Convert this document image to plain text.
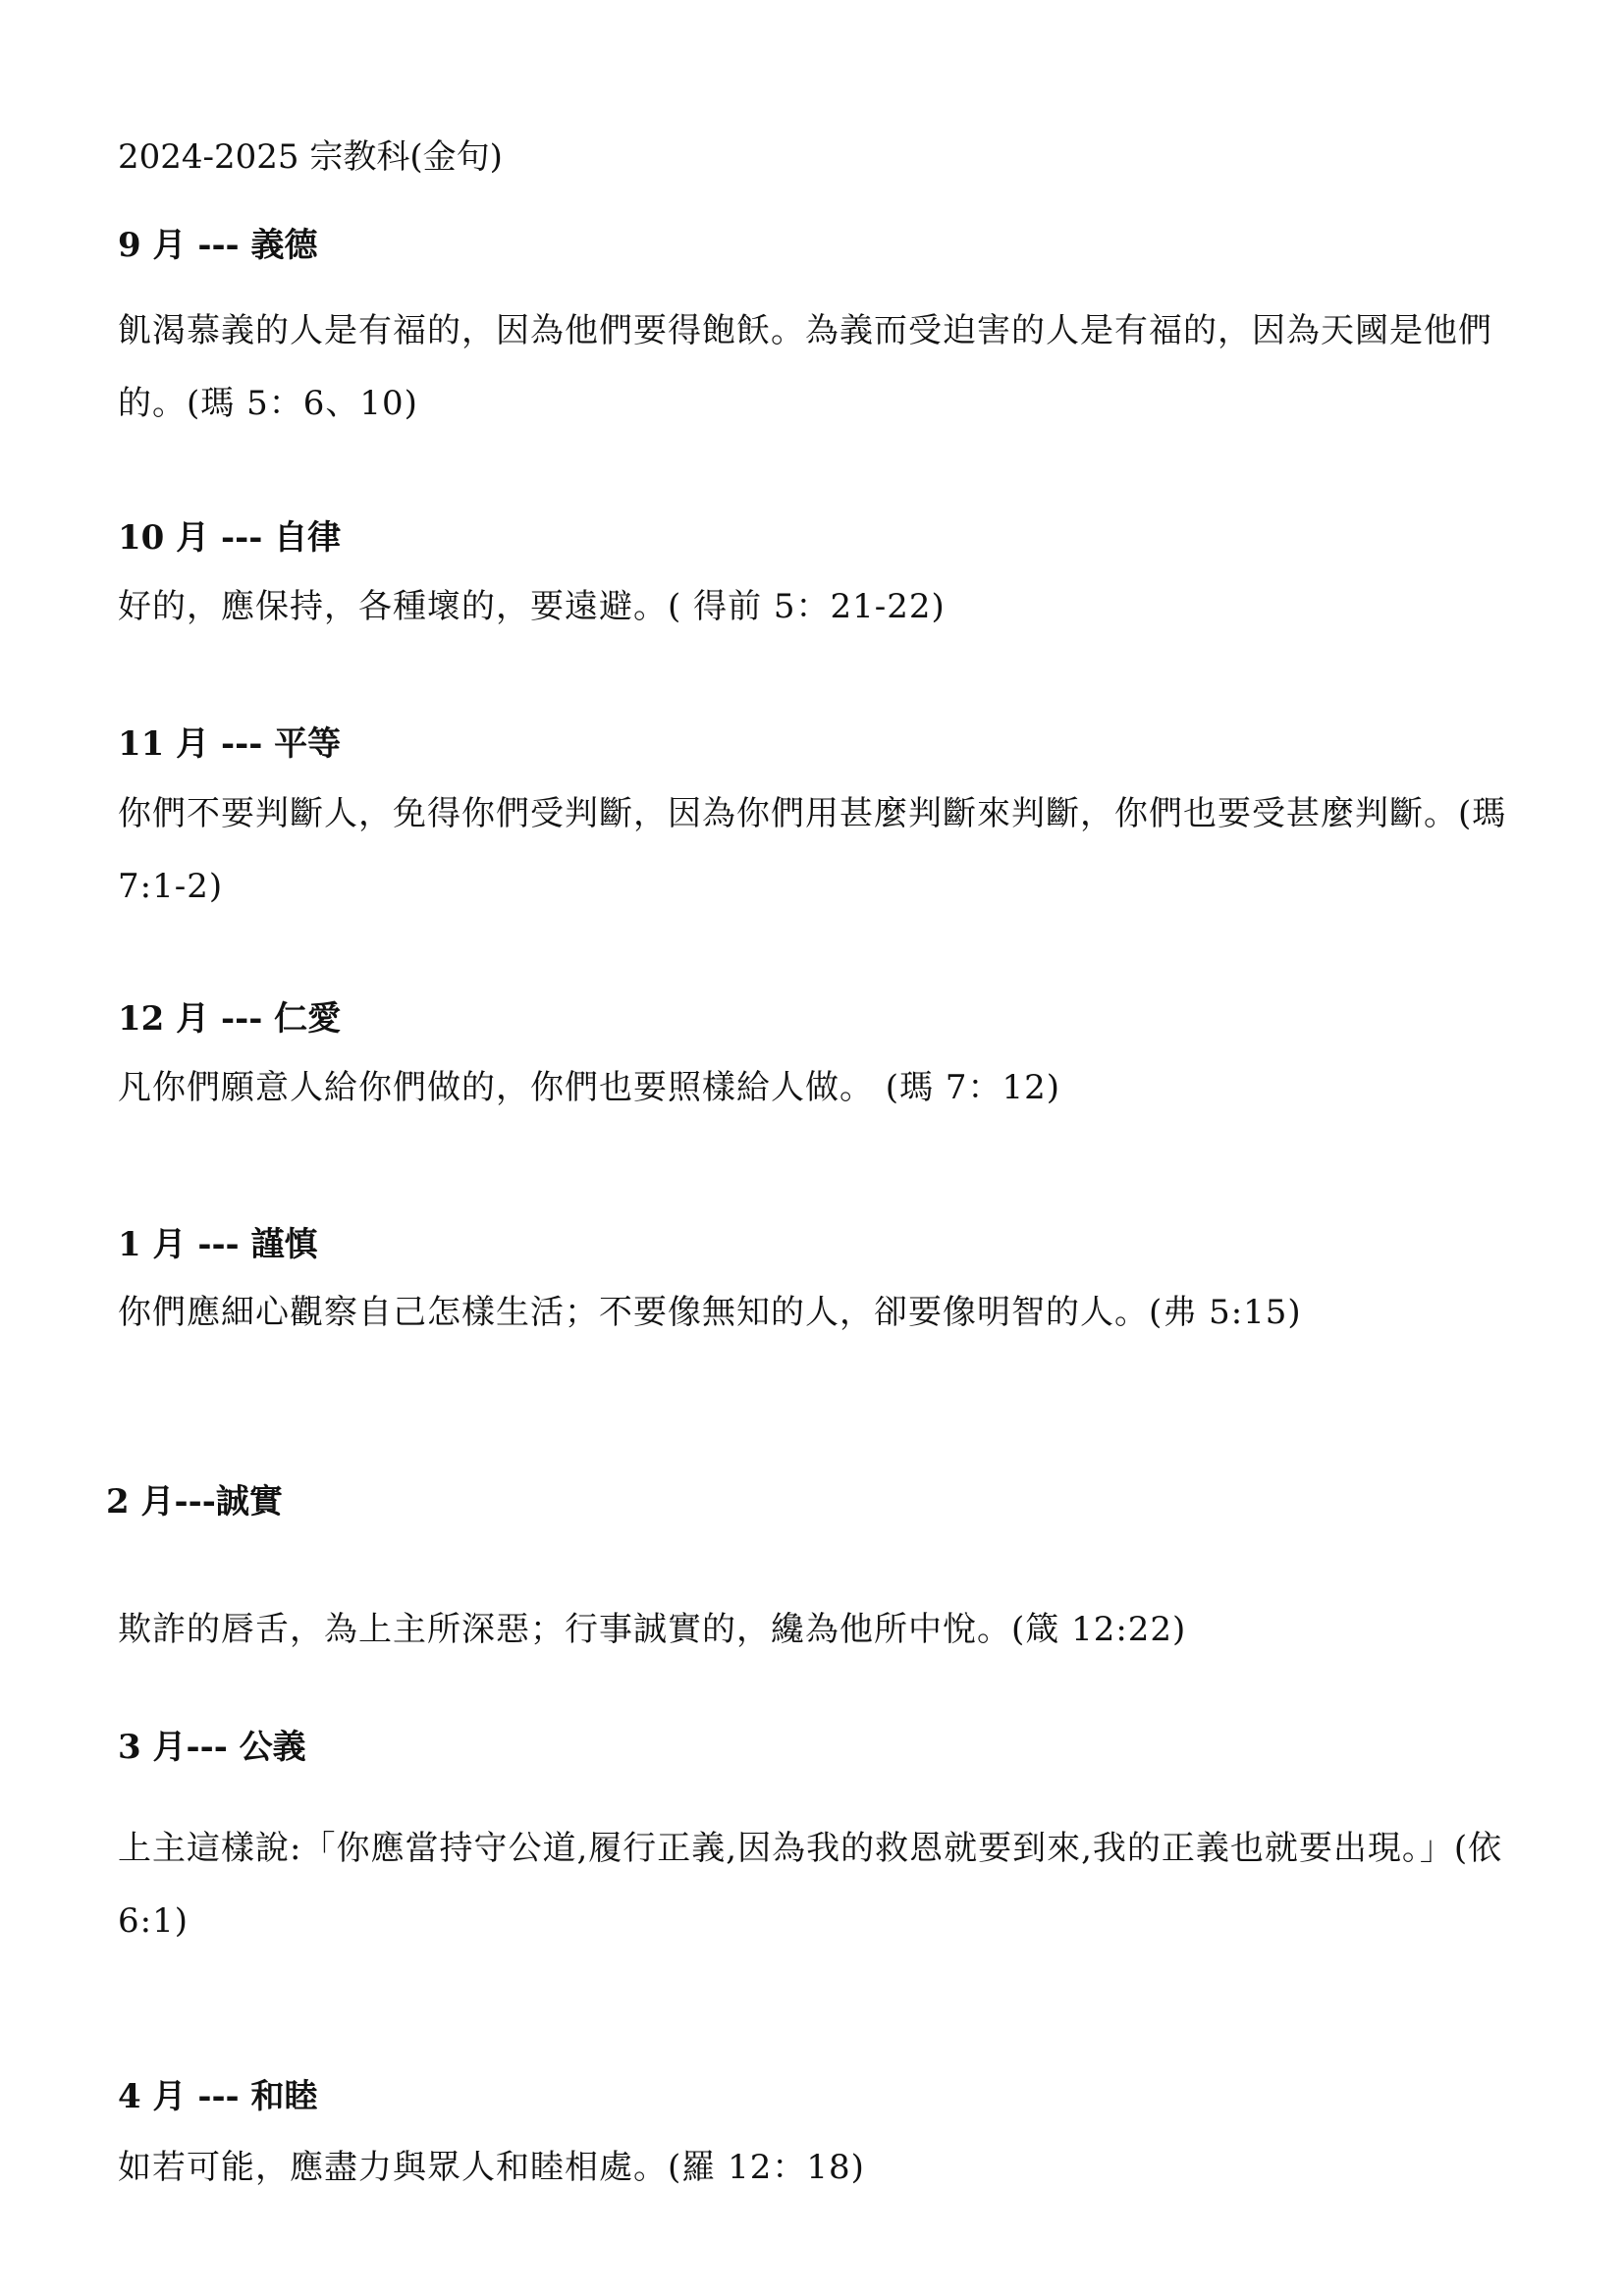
2024-2025 宗教科(金句)
9 月 --- 義德
飢渴慕義的人是有福的，因為他們要得飽飫。為義而受迫害的人是有福的，因為天國是他們的。(瑪 5：6、10)
10 月 --- 自律
好的，應保持，各種壞的，要遠避。( 得前 5：21-22)
11 月 --- 平等
你們不要判斷人，免得你們受判斷，因為你們用甚麼判斷來判斷，你們也要受甚麼判斷。(瑪 7:1-2)
12 月 --- 仁愛
凡你們願意人給你們做的，你們也要照樣給人做。 (瑪 7：12)
1 月 --- 謹慎
你們應細心觀察自己怎樣生活；不要像無知的人，卻要像明智的人。(弗 5:15)
2 月---誠實
欺詐的唇舌，為上主所深惡；行事誠實的，纔為他所中悅。(箴 12:22)
3 月--- 公義
上主這樣說:「你應當持守公道,履行正義,因為我的救恩就要到來,我的正義也就要出現。」(依 6:1)
4 月 --- 和睦
如若可能，應盡力與眾人和睦相處。(羅 12：18)
